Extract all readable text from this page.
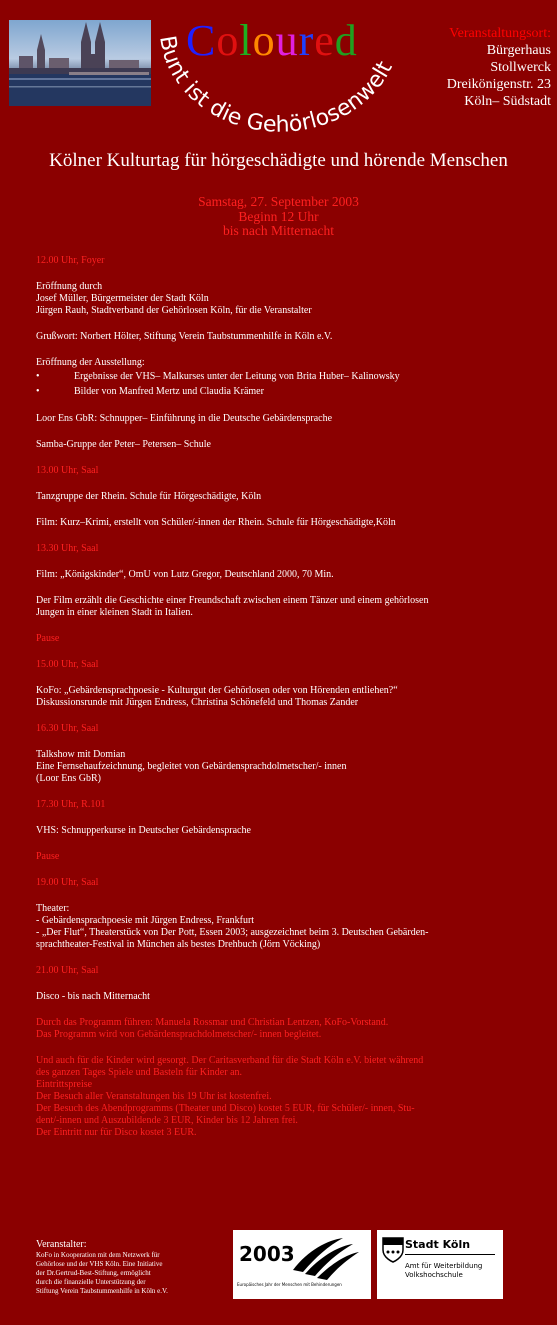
Coloured
Bunt ist die Gehörlosenwelt
Veranstaltungsort:
Bürgerhaus
Stollwerck
Dreikönigenstr. 23
Köln– Südstadt
Kölner Kulturtag für hörgeschädigte und hörende Menschen
Samstag, 27. September 2003
Beginn 12 Uhr
bis nach Mitternacht
12.00 Uhr, Foyer
Eröffnung durch
Josef Müller, Bürgermeister der Stadt Köln
Jürgen Rauh, Stadtverband der Gehörlosen Köln, für die Veranstalter
Grußwort: Norbert Hölter, Stiftung Verein Taubstummenhilfe in Köln e.V.
Eröffnung der Ausstellung:
• Ergebnisse der VHS– Malkurses unter der Leitung von Brita Huber– Kalinowsky
• Bilder von Manfred Mertz und Claudia Krämer
Loor Ens GbR: Schnupper– Einführung in die Deutsche Gebärdensprache
Samba-Gruppe der Peter– Petersen– Schule
13.00 Uhr, Saal
Tanzgruppe der Rhein. Schule für Hörgeschädigte, Köln
Film: Kurz–Krimi, erstellt von Schüler/-innen der Rhein. Schule für Hörgeschädigte,Köln
13.30 Uhr, Saal
Film: „Königskinder“, OmU von Lutz Gregor, Deutschland 2000, 70 Min.
Der Film erzählt die Geschichte einer Freundschaft zwischen einem Tänzer und einem gehörlosen
Jungen in einer kleinen Stadt in Italien.
Pause
15.00 Uhr, Saal
KoFo: „Gebärdensprachpoesie - Kulturgut der Gehörlosen oder von Hörenden entliehen?“
Diskussionsrunde mit Jürgen Endress, Christina Schönefeld und Thomas Zander
16.30 Uhr, Saal
Talkshow mit Domian
Eine Fernsehaufzeichnung, begleitet von Gebärdensprachdolmetscher/- innen
(Loor Ens GbR)
17.30 Uhr, R.101
VHS: Schnupperkurse in Deutscher Gebärdensprache
Pause
19.00 Uhr, Saal
Theater:
- Gebärdensprachpoesie mit Jürgen Endress, Frankfurt
- „Der Flut“, Theaterstück von Der Pott, Essen 2003; ausgezeichnet beim 3. Deutschen Gebärden-
sprachtheater-Festival in München als bestes Drehbuch (Jörn Vöcking)
21.00 Uhr, Saal
Disco - bis nach Mitternacht
Durch das Programm führen: Manuela Rossmar und Christian Lentzen, KoFo-Vorstand.
Das Programm wird von Gebärdensprachdolmetscher/- innen begleitet.
Und auch für die Kinder wird gesorgt. Der Caritasverband für die Stadt Köln e.V. bietet während
des ganzen Tages Spiele und Basteln für Kinder an.
Eintrittspreise
Der Besuch aller Veranstaltungen bis 19 Uhr ist kostenfrei.
Der Besuch des Abendprogramms (Theater und Disco) kostet 5 EUR, für Schüler/- innen, Stu-
dent/-innen und Auszubildende 3 EUR, Kinder bis 12 Jahren frei.
Der Eintritt nur für Disco kostet 3 EUR.
Veranstalter:
KoFo in Kooperation mit dem Netzwerk für
Gehörlose und der VHS Köln. Eine Initiative
der Dr.Gertrud-Best-Stiftung, ermöglicht
durch die finanzielle Unterstützung der
Stiftung Verein Taubstummenhilfe in Köln e.V.
2003
Europäisches Jahr der Menschen mit Behinderungen
Stadt Köln
Amt für Weiterbildung
Volkshochschule
